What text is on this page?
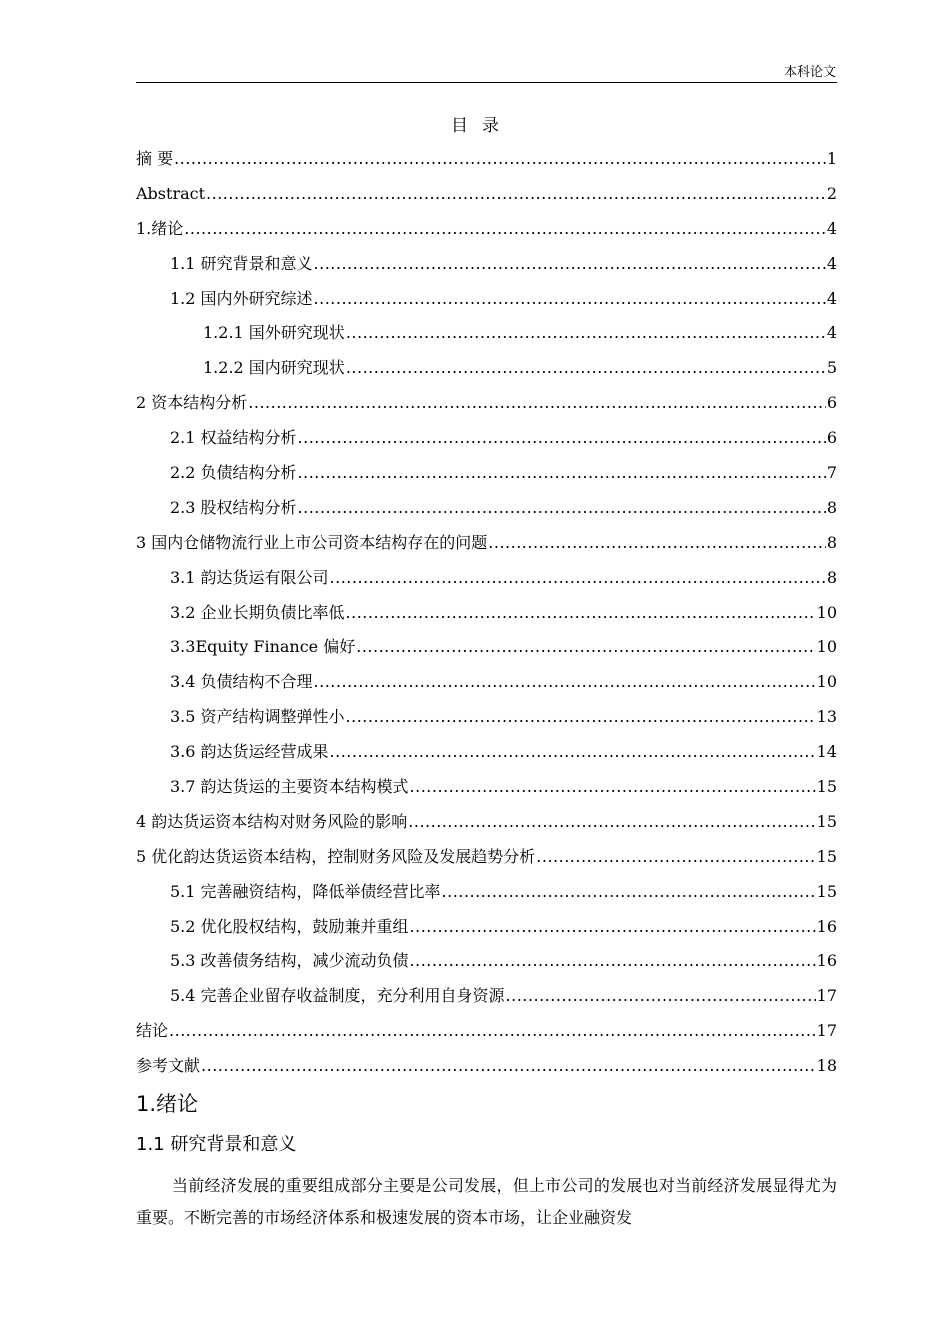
本科论文
目录
摘 要 .....	1
Abstract .....	2
1.绪论 .....	4
1.1 研究背景和意义 .....	4
1.2 国内外研究综述 .....	4
1.2.1 国外研究现状 .....	4
1.2.2 国内研究现状 .....	5
2 资本结构分析 .....	6
2.1 权益结构分析 .....	6
2.2 负债结构分析 .....	7
2.3 股权结构分析 .....	8
3 国内仓储物流行业上市公司资本结构存在的问题 .....	8
3.1 韵达货运有限公司 .....	8
3.2 企业长期负债比率低 .....	10
3.3Equity Finance 偏好 .....	10
3.4 负债结构不合理 .....	10
3.5 资产结构调整弹性小 .....	13
3.6 韵达货运经营成果 .....	14
3.7 韵达货运的主要资本结构模式 .....	15
4 韵达货运资本结构对财务风险的影响 .....	15
5 优化韵达货运资本结构，控制财务风险及发展趋势分析 .....	15
5.1 完善融资结构，降低举债经营比率 .....	15
5.2 优化股权结构，鼓励兼并重组 .....	16
5.3 改善债务结构，减少流动负债 .....	16
5.4 完善企业留存收益制度，充分利用自身资源 .....	17
结论 .....	17
参考文献 .....	18
1.绪论
1.1 研究背景和意义
当前经济发展的重要组成部分主要是公司发展，但上市公司的发展也对当前经济发展显得尤为重要。不断完善的市场经济体系和极速发展的资本市场，让企业融资发
